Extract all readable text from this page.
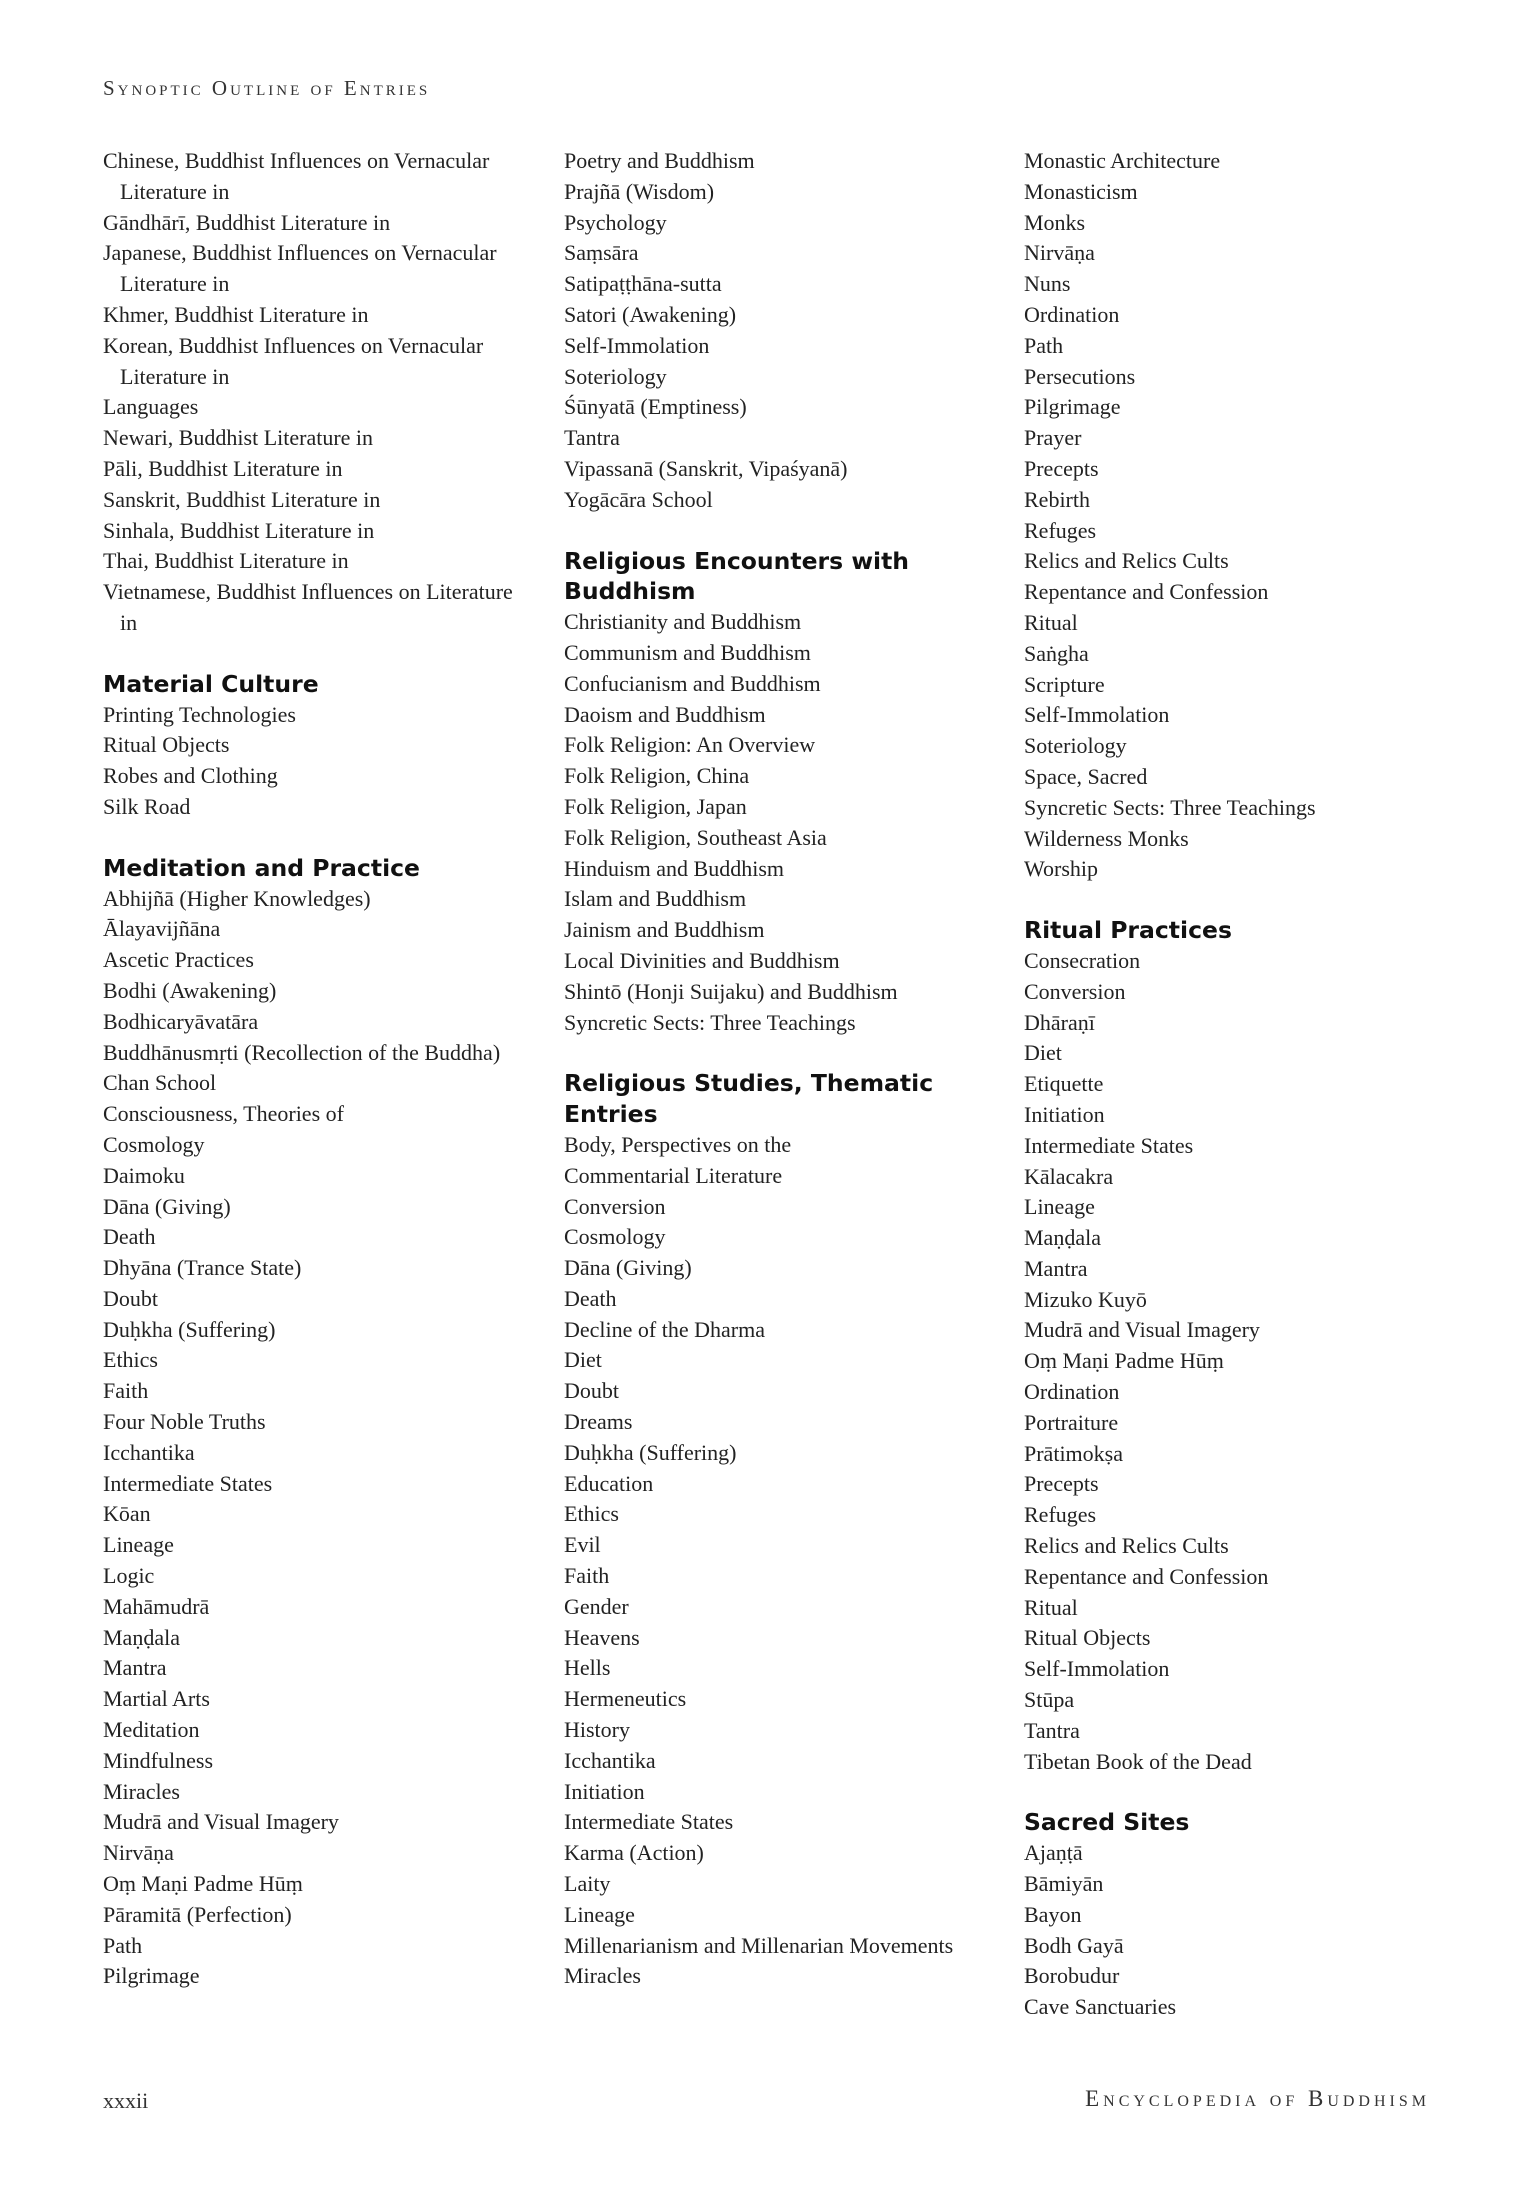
Synoptic Outline of Entries
Chinese, Buddhist Influences on Vernacular Literature in
Gāndhārī, Buddhist Literature in
Japanese, Buddhist Influences on Vernacular Literature in
Khmer, Buddhist Literature in
Korean, Buddhist Influences on Vernacular Literature in
Languages
Newari, Buddhist Literature in
Pāli, Buddhist Literature in
Sanskrit, Buddhist Literature in
Sinhala, Buddhist Literature in
Thai, Buddhist Literature in
Vietnamese, Buddhist Influences on Literature in
Material Culture
Printing Technologies
Ritual Objects
Robes and Clothing
Silk Road
Meditation and Practice
Abhijñā (Higher Knowledges)
Ālayavijñāna
Ascetic Practices
Bodhi (Awakening)
Bodhicaryāvatāra
Buddhānusmṛti (Recollection of the Buddha)
Chan School
Consciousness, Theories of
Cosmology
Daimoku
Dāna (Giving)
Death
Dhyāna (Trance State)
Doubt
Duḥkha (Suffering)
Ethics
Faith
Four Noble Truths
Icchantika
Intermediate States
Kōan
Lineage
Logic
Mahāmudrā
Maṇḍala
Mantra
Martial Arts
Meditation
Mindfulness
Miracles
Mudrā and Visual Imagery
Nirvāṇa
Oṃ Maṇi Padme Hūṃ
Pāramitā (Perfection)
Path
Pilgrimage
Poetry and Buddhism
Prajñā (Wisdom)
Psychology
Saṃsāra
Satipaṭṭhāna-sutta
Satori (Awakening)
Self-Immolation
Soteriology
Śūnyatā (Emptiness)
Tantra
Vipassanā (Sanskrit, Vipaśyanā)
Yogācāra School
Religious Encounters with Buddhism
Christianity and Buddhism
Communism and Buddhism
Confucianism and Buddhism
Daoism and Buddhism
Folk Religion: An Overview
Folk Religion, China
Folk Religion, Japan
Folk Religion, Southeast Asia
Hinduism and Buddhism
Islam and Buddhism
Jainism and Buddhism
Local Divinities and Buddhism
Shintō (Honji Suijaku) and Buddhism
Syncretic Sects: Three Teachings
Religious Studies, Thematic Entries
Body, Perspectives on the
Commentarial Literature
Conversion
Cosmology
Dāna (Giving)
Death
Decline of the Dharma
Diet
Doubt
Dreams
Duḥkha (Suffering)
Education
Ethics
Evil
Faith
Gender
Heavens
Hells
Hermeneutics
History
Icchantika
Initiation
Intermediate States
Karma (Action)
Laity
Lineage
Millenarianism and Millenarian Movements
Miracles
Monastic Architecture
Monasticism
Monks
Nirvāṇa
Nuns
Ordination
Path
Persecutions
Pilgrimage
Prayer
Precepts
Rebirth
Refuges
Relics and Relics Cults
Repentance and Confession
Ritual
Saṅgha
Scripture
Self-Immolation
Soteriology
Space, Sacred
Syncretic Sects: Three Teachings
Wilderness Monks
Worship
Ritual Practices
Consecration
Conversion
Dhāraṇī
Diet
Etiquette
Initiation
Intermediate States
Kālacakra
Lineage
Maṇḍala
Mantra
Mizuko Kuyō
Mudrā and Visual Imagery
Oṃ Maṇi Padme Hūṃ
Ordination
Portraiture
Prātimokṣa
Precepts
Refuges
Relics and Relics Cults
Repentance and Confession
Ritual
Ritual Objects
Self-Immolation
Stūpa
Tantra
Tibetan Book of the Dead
Sacred Sites
Ajaṇṭā
Bāmiyān
Bayon
Bodh Gayā
Borobudur
Cave Sanctuaries
xxxii	Encyclopedia of Buddhism
